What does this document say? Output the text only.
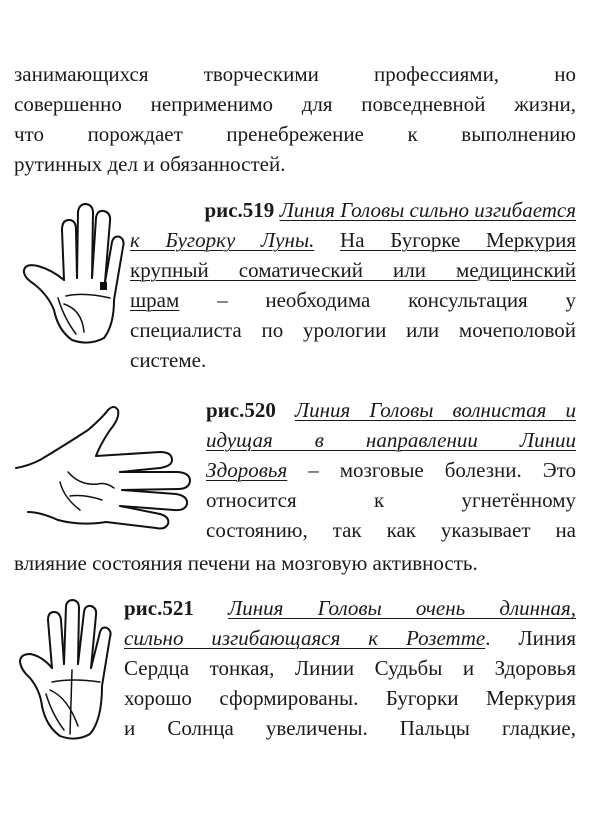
занимающихся творческими профессиями, но
совершенно неприменимо для повседневной жизни,
что порождает пренебрежение к выполнению
рутинных дел и обязанностей.
рис.519 Линия Головы сильно изгибается
к Бугорку Луны. На Бугорке Меркурия
крупный соматический или медицинский
шрам – необходима консультация у
специалиста по урологии или мочеполовой
системе.
рис.520 Линия Головы волнистая и
идущая в направлении Линии
Здоровья – мозговые болезни. Это
относится к угнетённому
состоянию, так как указывает на
влияние состояния печени на мозговую активность.
рис.521 Линия Головы очень длинная,
сильно изгибающаяся к Розетте. Линия
Сердца тонкая, Линии Судьбы и Здоровья
хорошо сформированы. Бугорки Меркурия
и Солнца увеличены. Пальцы гладкие,
